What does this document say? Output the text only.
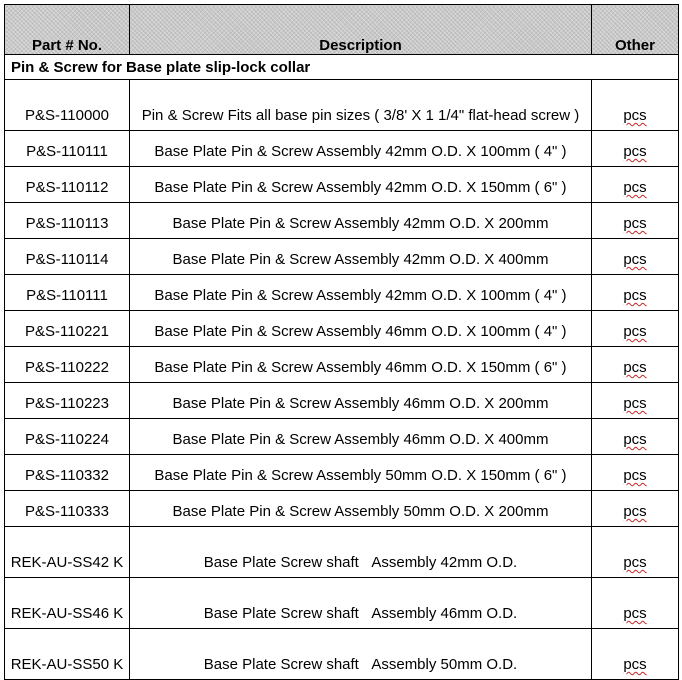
Part # No.	Description	Other
Pin & Screw for Base plate slip-lock collar		
P&S-110000	Pin & Screw Fits all base pin sizes ( 3/8' X 1 1/4" flat-head screw )	pcs
P&S-110111	Base Plate Pin & Screw Assembly 42mm O.D. X 100mm ( 4" )	pcs
P&S-110112	Base Plate Pin & Screw Assembly 42mm O.D. X 150mm ( 6" )	pcs
P&S-110113	Base Plate Pin & Screw Assembly 42mm O.D. X 200mm	pcs
P&S-110114	Base Plate Pin & Screw Assembly 42mm O.D. X 400mm	pcs
P&S-110111	Base Plate Pin & Screw Assembly 42mm O.D. X 100mm ( 4" )	pcs
P&S-110221	Base Plate Pin & Screw Assembly 46mm O.D. X 100mm ( 4" )	pcs
P&S-110222	Base Plate Pin & Screw Assembly 46mm O.D. X 150mm ( 6" )	pcs
P&S-110223	Base Plate Pin & Screw Assembly 46mm O.D. X 200mm	pcs
P&S-110224	Base Plate Pin & Screw Assembly 46mm O.D. X 400mm	pcs
P&S-110332	Base Plate Pin & Screw Assembly 50mm O.D. X 150mm ( 6" )	pcs
P&S-110333	Base Plate Pin & Screw Assembly 50mm O.D. X 200mm	pcs
REK-AU-SS42 K	Base Plate Screw shaft   Assembly 42mm O.D.	pcs
REK-AU-SS46 K	Base Plate Screw shaft   Assembly 46mm O.D.	pcs
REK-AU-SS50 K	Base Plate Screw shaft   Assembly 50mm O.D.	pcs
